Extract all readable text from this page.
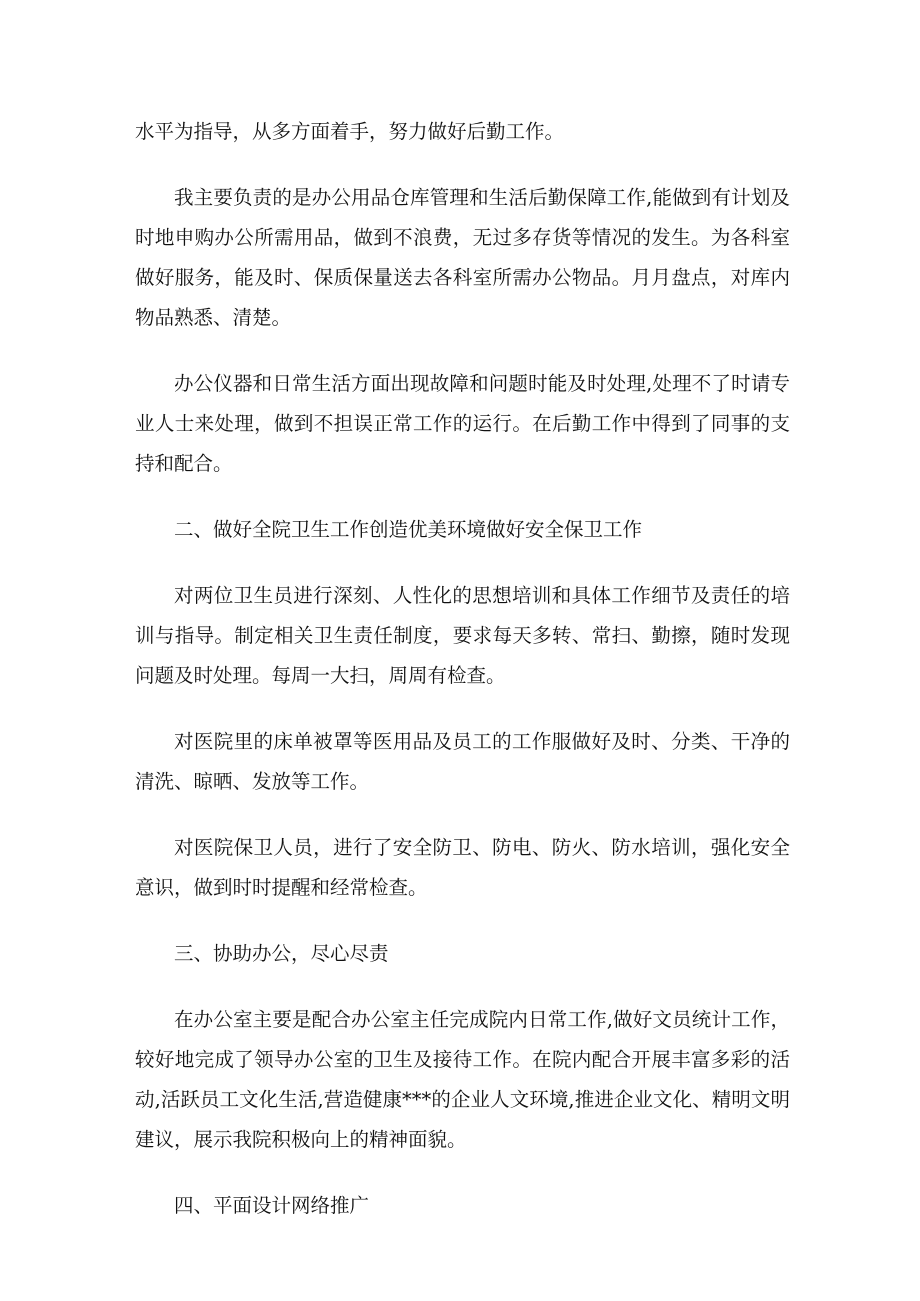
水平为指导，从多方面着手，努力做好后勤工作。

我主要负责的是办公用品仓库管理和生活后勤保障工作,能做到有计划及时地申购办公所需用品，做到不浪费，无过多存货等情况的发生。为各科室做好服务，能及时、保质保量送去各科室所需办公物品。月月盘点，对库内物品熟悉、清楚。

办公仪器和日常生活方面出现故障和问题时能及时处理,处理不了时请专业人士来处理，做到不担误正常工作的运行。在后勤工作中得到了同事的支持和配合。

二、做好全院卫生工作创造优美环境做好安全保卫工作

对两位卫生员进行深刻、人性化的思想培训和具体工作细节及责任的培训与指导。制定相关卫生责任制度，要求每天多转、常扫、勤擦，随时发现问题及时处理。每周一大扫，周周有检查。

对医院里的床单被罩等医用品及员工的工作服做好及时、分类、干净的清洗、晾晒、发放等工作。

对医院保卫人员，进行了安全防卫、防电、防火、防水培训，强化安全意识，做到时时提醒和经常检查。

三、协助办公，尽心尽责

在办公室主要是配合办公室主任完成院内日常工作,做好文员统计工作，较好地完成了领导办公室的卫生及接待工作。在院内配合开展丰富多彩的活动,活跃员工文化生活,营造健康***的企业人文环境,推进企业文化、精明文明建议，展示我院积极向上的精神面貌。

四、平面设计网络推广
